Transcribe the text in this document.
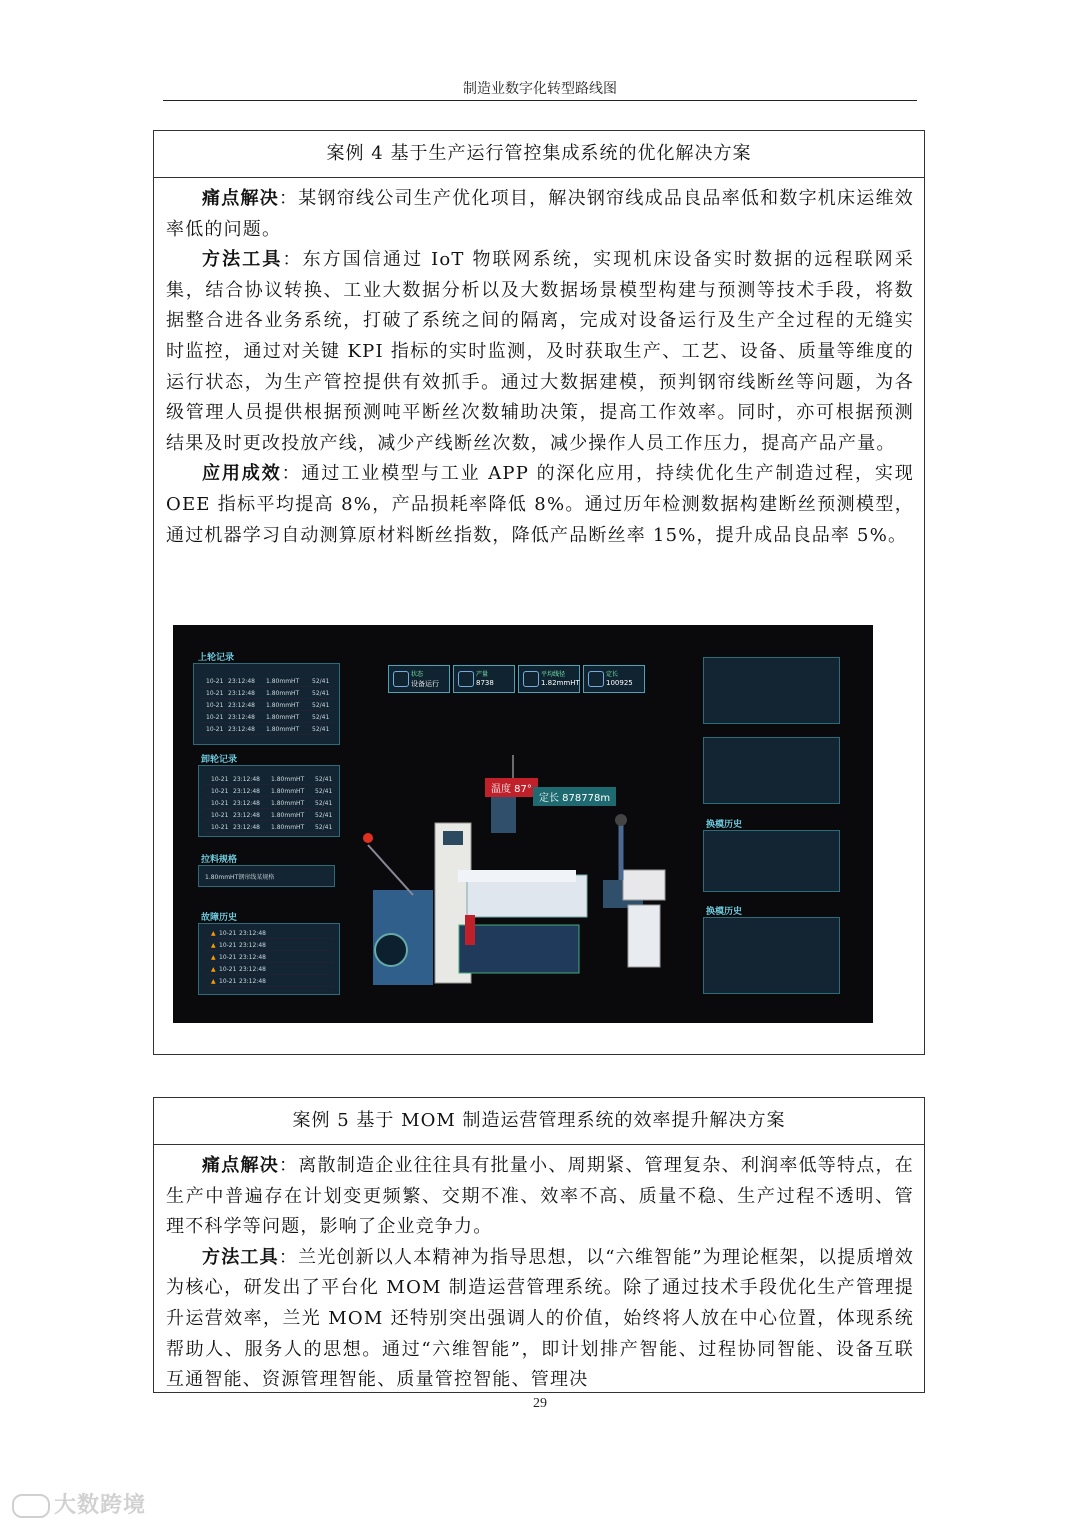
制造业数字化转型路线图
案例 4 基于生产运行管控集成系统的优化解决方案

痛点解决：某钢帘线公司生产优化项目，解决钢帘线成品良品率低和数字机床运维效率低的问题。

方法工具：东方国信通过 IoT 物联网系统，实现机床设备实时数据的远程联网采集，结合协议转换、工业大数据分析以及大数据场景模型构建与预测等技术手段，将数据整合进各业务系统，打破了系统之间的隔离，完成对设备运行及生产全过程的无缝实时监控，通过对关键 KPI 指标的实时监测，及时获取生产、工艺、设备、质量等维度的运行状态，为生产管控提供有效抓手。通过大数据建模，预判钢帘线断丝等问题，为各级管理人员提供根据预测吨平断丝次数辅助决策，提高工作效率。同时，亦可根据预测结果及时更改投放产线，减少产线断丝次数，减少操作人员工作压力，提高产品产量。

应用成效：通过工业模型与工业 APP 的深化应用，持续优化生产制造过程，实现 OEE 指标平均提高 8%，产品损耗率降低 8%。通过历年检测数据构建断丝预测模型，通过机器学习自动测算原材料断丝指数，降低产品断丝率 15%，提升成品良品率 5%。

上轮记录
10-21 23:12:48 1.80mmHT 52/41
10-21 23:12:48 1.80mmHT 52/41
10-21 23:12:48 1.80mmHT 52/41
10-21 23:12:48 1.80mmHT 52/41
10-21 23:12:48 1.80mmHT 52/41
卸轮记录
10-21 23:12:48 1.80mmHT 52/41
10-21 23:12:48 1.80mmHT 52/41
10-21 23:12:48 1.80mmHT 52/41
10-21 23:12:48 1.80mmHT 52/41
10-21 23:12:48 1.80mmHT 52/41
拉料规格
1.80mmHT钢帘线某规格
故障历史
▲ 10-21 23:12:48
▲ 10-21 23:12:48
▲ 10-21 23:12:48
▲ 10-21 23:12:48
▲ 10-21 23:12:48
状态
设备运行
产量
8738
平均线径
1.82mmHT
定长
100925
换模历史
换模历史
温度 87°
定长 878778m
案例 5 基于 MOM 制造运营管理系统的效率提升解决方案

痛点解决：离散制造企业往往具有批量小、周期紧、管理复杂、利润率低等特点，在生产中普遍存在计划变更频繁、交期不准、效率不高、质量不稳、生产过程不透明、管理不科学等问题，影响了企业竞争力。

方法工具：兰光创新以人本精神为指导思想，以“六维智能”为理论框架，以提质增效为核心，研发出了平台化 MOM 制造运营管理系统。除了通过技术手段优化生产管理提升运营效率，兰光 MOM 还特别突出强调人的价值，始终将人放在中心位置，体现系统帮助人、服务人的思想。通过“六维智能”，即计划排产智能、过程协同智能、设备互联互通智能、资源管理智能、质量管控智能、管理决

29
大数跨境
